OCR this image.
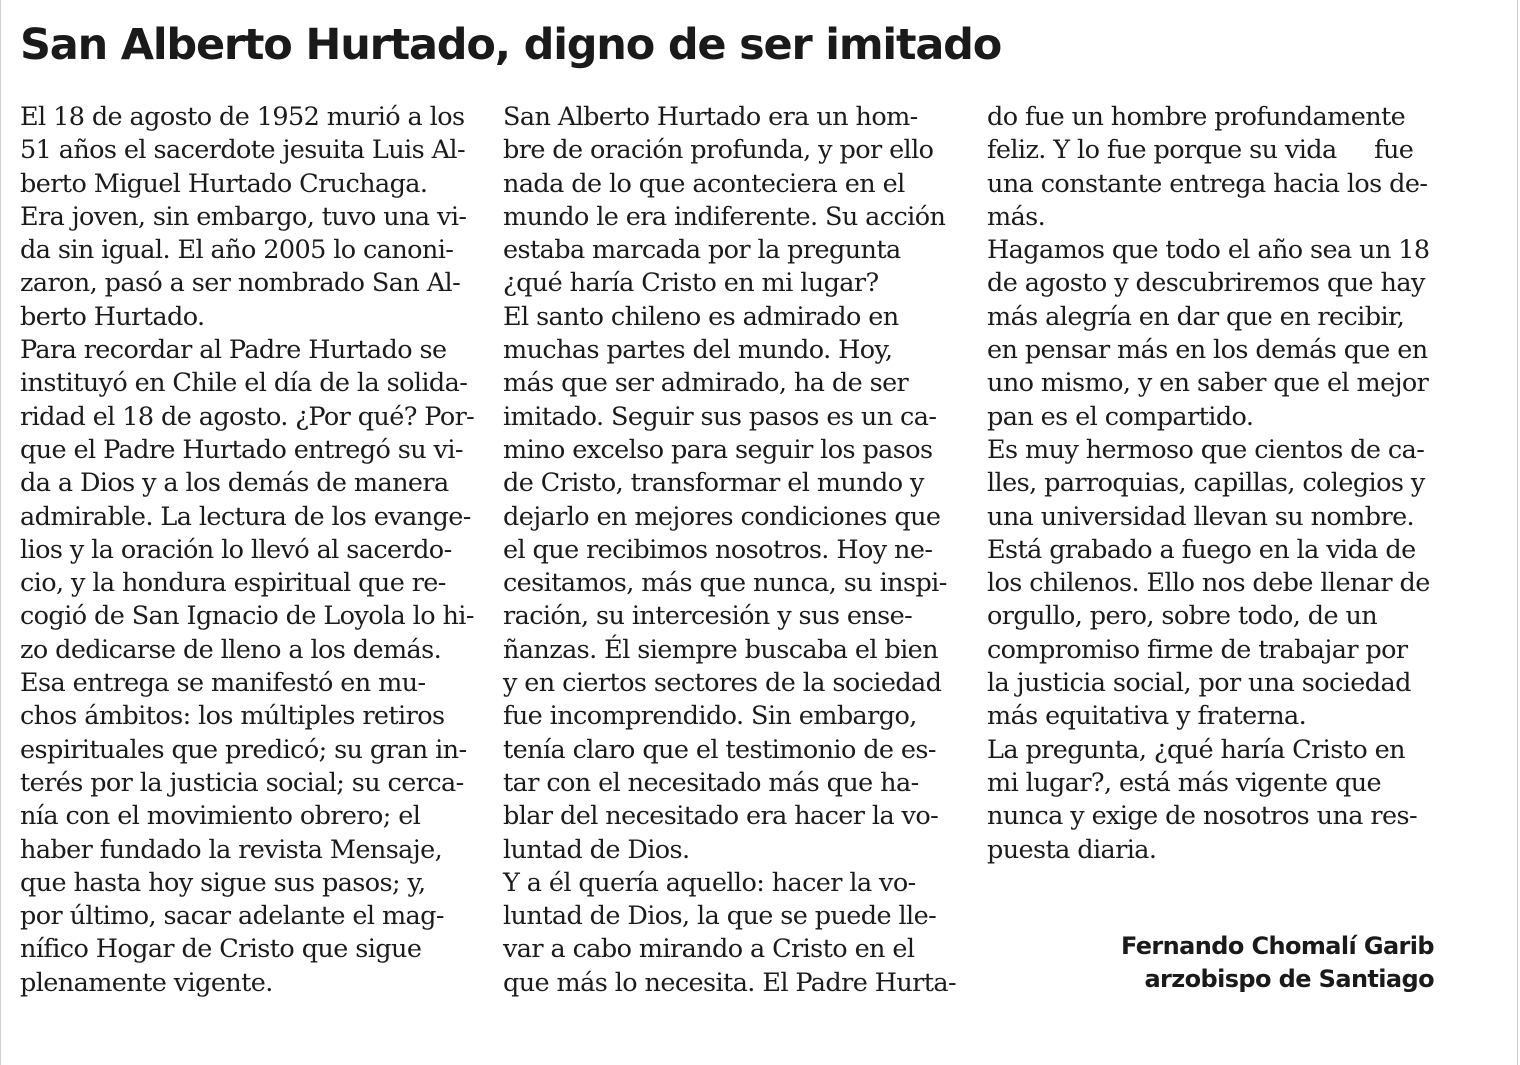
San Alberto Hurtado, digno de ser imitado
El 18 de agosto de 1952 murió a los
51 años el sacerdote jesuita Luis Al-
berto Miguel Hurtado Cruchaga.
Era joven, sin embargo, tuvo una vi-
da sin igual. El año 2005 lo canoni-
zaron, pasó a ser nombrado San Al-
berto Hurtado.
Para recordar al Padre Hurtado se
instituyó en Chile el día de la solida-
ridad el 18 de agosto. ¿Por qué? Por-
que el Padre Hurtado entregó su vi-
da a Dios y a los demás de manera
admirable. La lectura de los evange-
lios y la oración lo llevó al sacerdo-
cio, y la hondura espiritual que re-
cogió de San Ignacio de Loyola lo hi-
zo dedicarse de lleno a los demás.
Esa entrega se manifestó en mu-
chos ámbitos: los múltiples retiros
espirituales que predicó; su gran in-
terés por la justicia social; su cerca-
nía con el movimiento obrero; el
haber fundado la revista Mensaje,
que hasta hoy sigue sus pasos; y,
por último, sacar adelante el mag-
nífico Hogar de Cristo que sigue
plenamente vigente.
San Alberto Hurtado era un hom-
bre de oración profunda, y por ello
nada de lo que aconteciera en el
mundo le era indiferente. Su acción
estaba marcada por la pregunta
¿qué haría Cristo en mi lugar?
El santo chileno es admirado en
muchas partes del mundo. Hoy,
más que ser admirado, ha de ser
imitado. Seguir sus pasos es un ca-
mino excelso para seguir los pasos
de Cristo, transformar el mundo y
dejarlo en mejores condiciones que
el que recibimos nosotros. Hoy ne-
cesitamos, más que nunca, su inspi-
ración, su intercesión y sus ense-
ñanzas. Él siempre buscaba el bien
y en ciertos sectores de la sociedad
fue incomprendido. Sin embargo,
tenía claro que el testimonio de es-
tar con el necesitado más que ha-
blar del necesitado era hacer la vo-
luntad de Dios.
Y a él quería aquello: hacer la vo-
luntad de Dios, la que se puede lle-
var a cabo mirando a Cristo en el
que más lo necesita. El Padre Hurta-
do fue un hombre profundamente
feliz. Y lo fue porque su vida     fue
una constante entrega hacia los de-
más.
Hagamos que todo el año sea un 18
de agosto y descubriremos que hay
más alegría en dar que en recibir,
en pensar más en los demás que en
uno mismo, y en saber que el mejor
pan es el compartido.
Es muy hermoso que cientos de ca-
lles, parroquias, capillas, colegios y
una universidad llevan su nombre.
Está grabado a fuego en la vida de
los chilenos. Ello nos debe llenar de
orgullo, pero, sobre todo, de un
compromiso firme de trabajar por
la justicia social, por una sociedad
más equitativa y fraterna.
La pregunta, ¿qué haría Cristo en
mi lugar?, está más vigente que
nunca y exige de nosotros una res-
puesta diaria.
Fernando Chomalí Garib
arzobispo de Santiago
